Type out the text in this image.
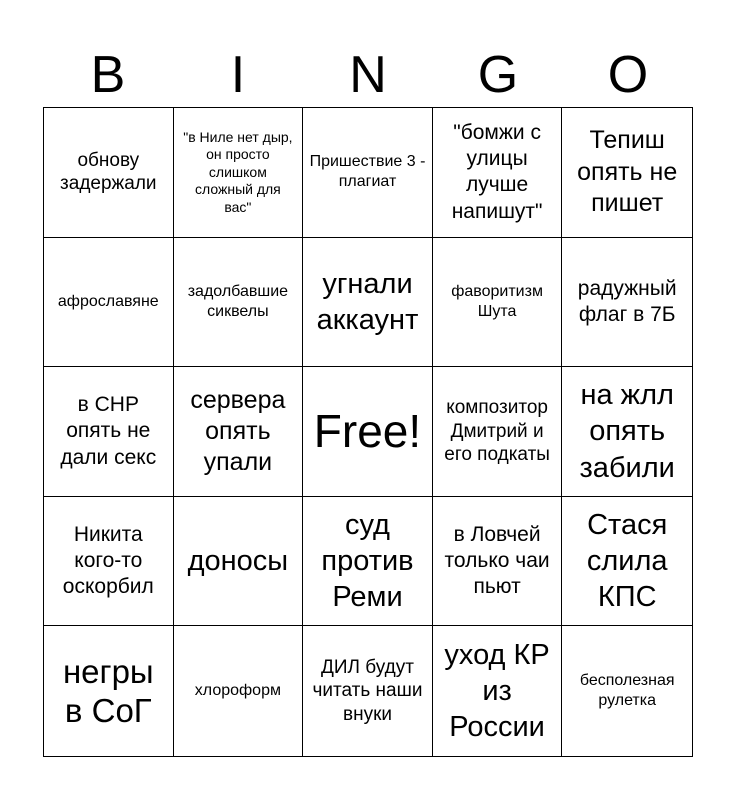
B	I	N	G	O
обнову задержали
"в Ниле нет дыр, он просто слишком сложный для вас"
Пришествие 3 - плагиат
"бомжи с улицы лучше напишут"
Тепиш опять не пишет
афрославяне
задолбавшие сиквелы
угнали аккаунт
фаворитизм Шута
радужный флаг в 7Б
в СНР опять не дали секс
сервера опять упали
Free!	композитор Дмитрий и его подкаты
на жлл опять забили
Никита кого-то оскорбил
доносы
суд против Реми
в Ловчей только чаи пьют
Стася слила КПС
негры в СоГ
хлороформ
ДИЛ будут читать наши внуки
уход КР из России
бесполезная рулетка
